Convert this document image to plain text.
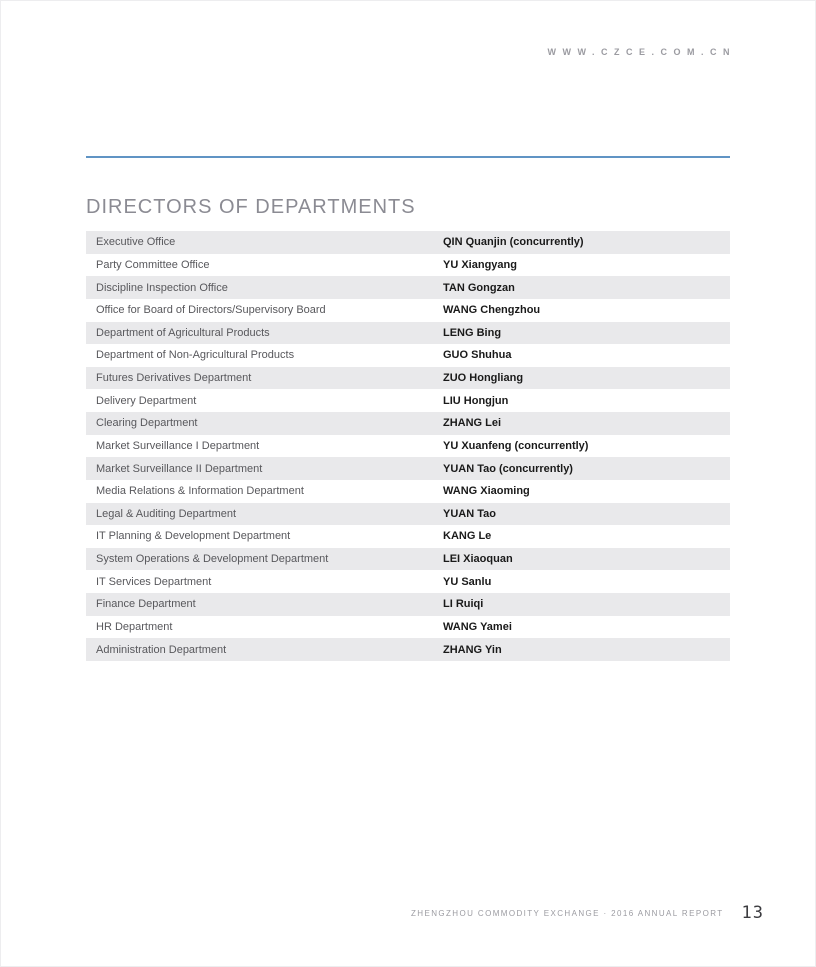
WWW.CZCE.COM.CN
DIRECTORS OF DEPARTMENTS
Executive Office	QIN Quanjin (concurrently)
Party Committee Office	YU Xiangyang
Discipline Inspection Office	TAN Gongzan
Office for Board of Directors/Supervisory Board	WANG Chengzhou
Department of Agricultural Products	LENG Bing
Department of Non-Agricultural Products	GUO Shuhua
Futures Derivatives Department	ZUO Hongliang
Delivery Department	LIU Hongjun
Clearing Department	ZHANG Lei
Market Surveillance I Department	YU Xuanfeng (concurrently)
Market Surveillance II Department	YUAN Tao (concurrently)
Media Relations & Information Department	WANG Xiaoming
Legal & Auditing Department	YUAN Tao
IT Planning & Development Department	KANG Le
System Operations & Development Department	LEI Xiaoquan
IT Services Department	YU Sanlu
Finance Department	LI Ruiqi
HR Department	WANG Yamei
Administration Department	ZHANG Yin
ZHENGZHOU COMMODITY EXCHANGE · 2016 ANNUAL REPORT 13
